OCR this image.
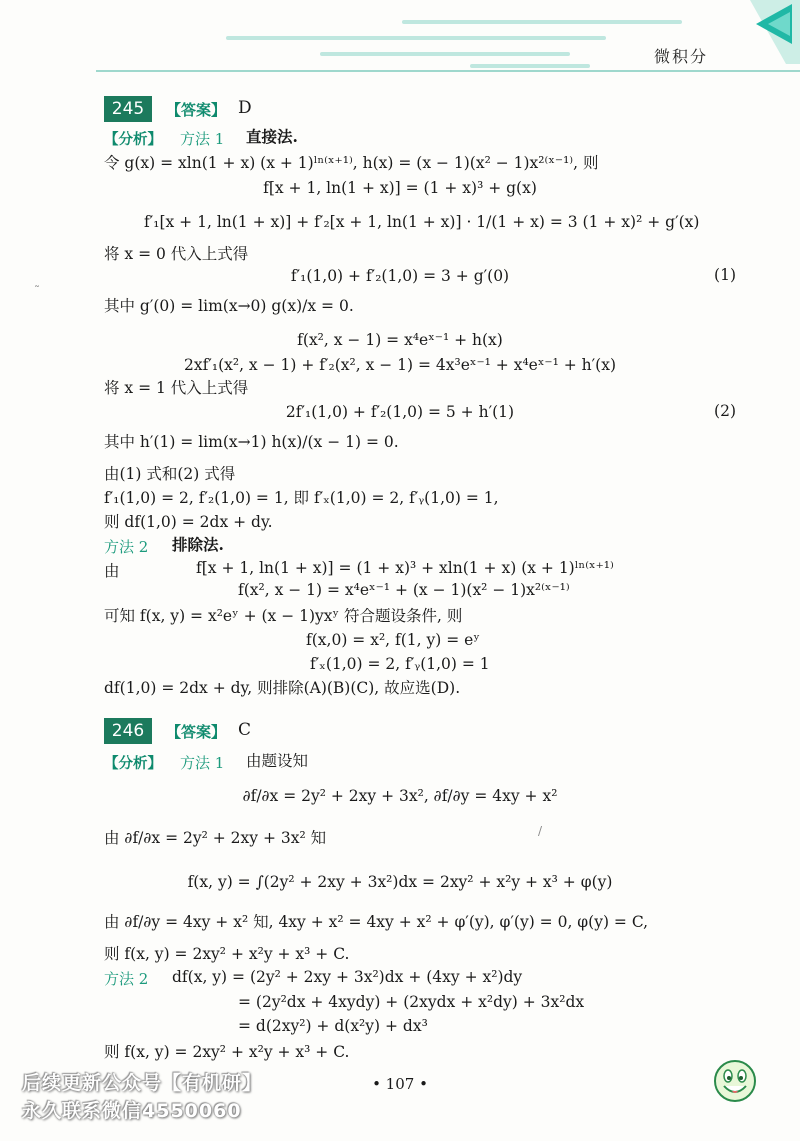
微积分
245	【答案】 D
【分析】 方法 1 直接法.
令 g(x) = xln(1 + x) (x + 1)ˡⁿ⁽ˣ⁺¹⁾, h(x) = (x − 1)(x² − 1)x²⁽ˣ⁻¹⁾, 则
f[x + 1, ln(1 + x)] = (1 + x)³ + g(x)
f′₁[x + 1, ln(1 + x)] + f′₂[x + 1, ln(1 + x)] · 1/(1 + x) = 3 (1 + x)² + g′(x)
将 x = 0 代入上式得
f′₁(1,0) + f′₂(1,0) = 3 + g′(0)	(1)
其中 g′(0) = lim(x→0) g(x)/x = 0.
f(x², x − 1) = x⁴eˣ⁻¹ + h(x)
2xf′₁(x², x − 1) + f′₂(x², x − 1) = 4x³eˣ⁻¹ + x⁴eˣ⁻¹ + h′(x)
将 x = 1 代入上式得
2f′₁(1,0) + f′₂(1,0) = 5 + h′(1)	(2)
其中 h′(1) = lim(x→1) h(x)/(x − 1) = 0.
由(1) 式和(2) 式得
f′₁(1,0) = 2, f′₂(1,0) = 1, 即 f′ₓ(1,0) = 2, f′ᵧ(1,0) = 1,
则 df(1,0) = 2dx + dy.
方法 2 排除法.
由	f[x + 1, ln(1 + x)] = (1 + x)³ + xln(1 + x) (x + 1)ˡⁿ⁽ˣ⁺¹⁾
f(x², x − 1) = x⁴eˣ⁻¹ + (x − 1)(x² − 1)x²⁽ˣ⁻¹⁾
可知 f(x, y) = x²eʸ + (x − 1)yxʸ 符合题设条件, 则
f(x,0) = x², f(1, y) = eʸ
f′ₓ(1,0) = 2, f′ᵧ(1,0) = 1
df(1,0) = 2dx + dy, 则排除(A)(B)(C), 故应选(D).
246	【答案】 C
【分析】 方法 1 由题设知
∂f/∂x = 2y² + 2xy + 3x², ∂f/∂y = 4xy + x²
由 ∂f/∂x = 2y² + 2xy + 3x² 知
f(x, y) = ∫(2y² + 2xy + 3x²)dx = 2xy² + x²y + x³ + φ(y)
由 ∂f/∂y = 4xy + x² 知, 4xy + x² = 4xy + x² + φ′(y), φ′(y) = 0, φ(y) = C,
则 f(x, y) = 2xy² + x²y + x³ + C.
方法 2 df(x, y) = (2y² + 2xy + 3x²)dx + (4xy + x²)dy
= (2y²dx + 4xydy) + (2xydx + x²dy) + 3x²dx
= d(2xy²) + d(x²y) + dx³
则 f(x, y) = 2xy² + x²y + x³ + C.
• 107 •
后续更新公众号【有机研】
永久联系微信4550060
˜
/
